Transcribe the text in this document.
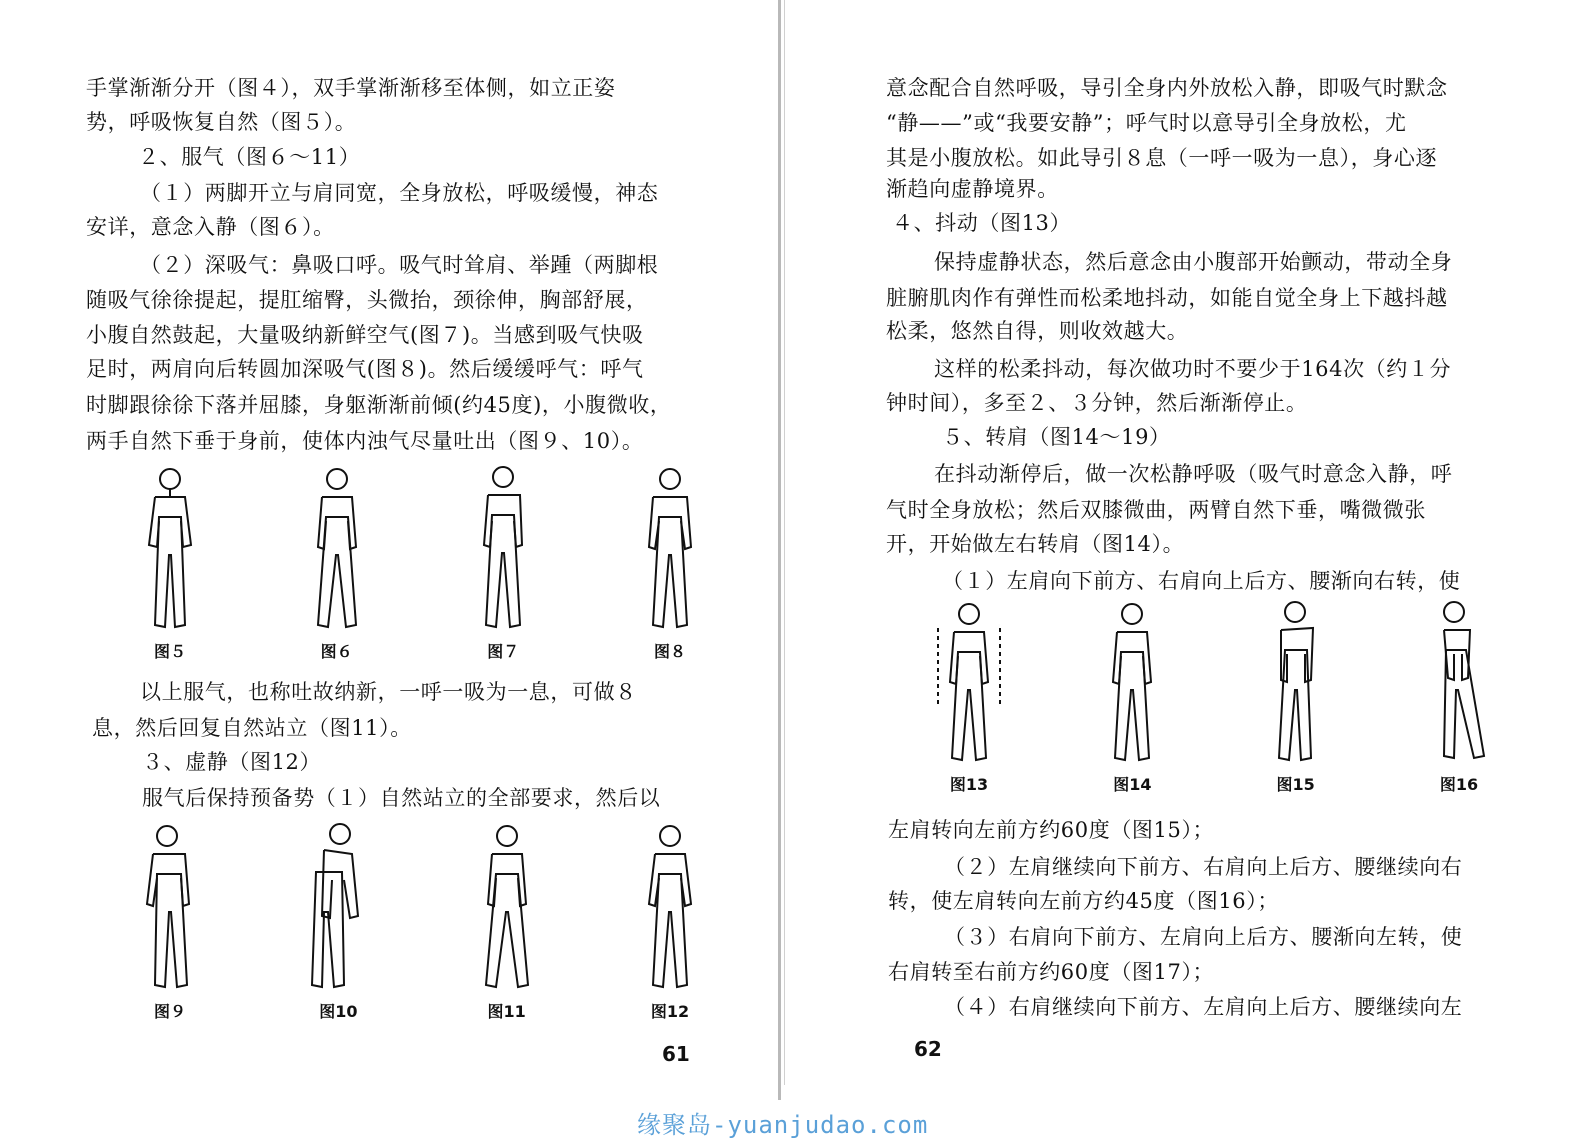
手掌渐渐分开（图４），双手掌渐渐移至体侧，如立正姿
势，呼吸恢复自然（图５）。
２、服气（图６～11）
（１）两脚开立与肩同宽，全身放松，呼吸缓慢，神态
安详，意念入静（图６）。
（２）深吸气：鼻吸口呼。吸气时耸肩、举踵（两脚根
随吸气徐徐提起，提肛缩臀，头微抬，颈徐伸，胸部舒展，
小腹自然鼓起，大量吸纳新鲜空气(图７)。当感到吸气快吸
足时，两肩向后转圆加深吸气(图８)。然后缓缓呼气：呼气
时脚跟徐徐下落并屈膝，身躯渐渐前倾(约45度)，小腹微收，
两手自然下垂于身前，使体内浊气尽量吐出（图９、10）。
图５	图６	图７	图８
以上服气，也称吐故纳新，一呼一吸为一息，可做８
息，然后回复自然站立（图11）。
３、虚静（图12）
服气后保持预备势（１）自然站立的全部要求，然后以
图９	图10	图11	图12
61
意念配合自然呼吸，导引全身内外放松入静，即吸气时默念
“静——”或“我要安静”；呼气时以意导引全身放松，尤
其是小腹放松。如此导引８息（一呼一吸为一息），身心逐
渐趋向虚静境界。
４、抖动（图13）
保持虚静状态，然后意念由小腹部开始颤动，带动全身
脏腑肌肉作有弹性而松柔地抖动，如能自觉全身上下越抖越
松柔，悠然自得，则收效越大。
这样的松柔抖动，每次做功时不要少于164次（约１分
钟时间），多至２、３分钟，然后渐渐停止。
５、转肩（图14～19）
在抖动渐停后，做一次松静呼吸（吸气时意念入静，呼
气时全身放松；然后双膝微曲，两臂自然下垂，嘴微微张
开，开始做左右转肩（图14）。
（１）左肩向下前方、右肩向上后方、腰渐向右转，使
图13	图14	图15	图16
左肩转向左前方约60度（图15）；
（２）左肩继续向下前方、右肩向上后方、腰继续向右
转，使左肩转向左前方约45度（图16）；
（３）右肩向下前方、左肩向上后方、腰渐向左转，使
右肩转至右前方约60度（图17）；
（４）右肩继续向下前方、左肩向上后方、腰继续向左
62
缘聚岛-yuanjudao.com
